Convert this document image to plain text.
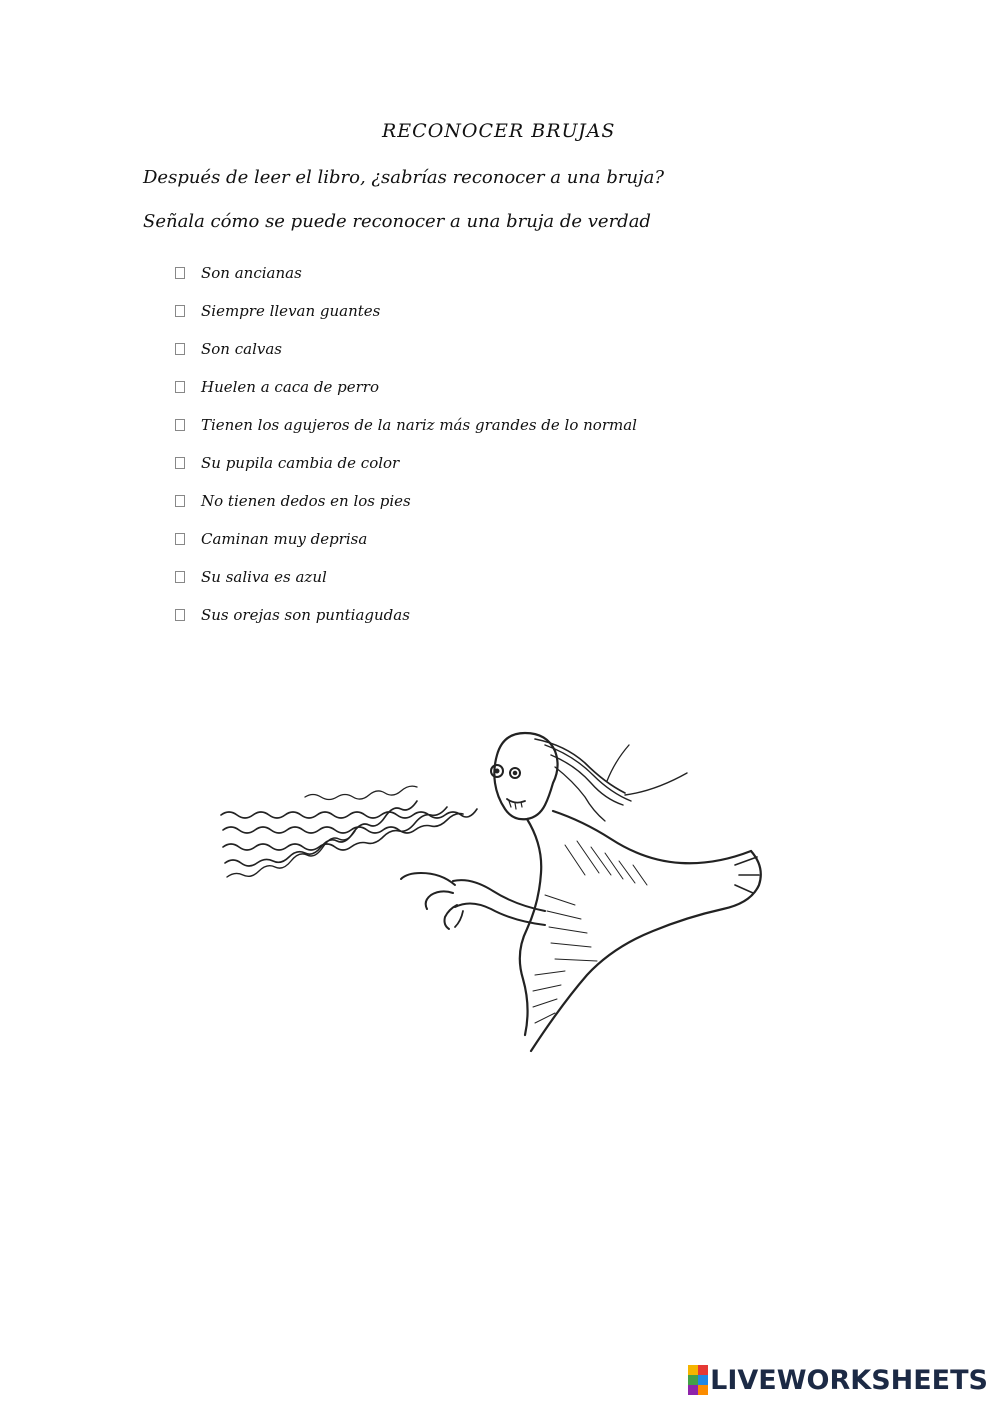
RECONOCER BRUJAS
Después de leer el libro, ¿sabrías reconocer a una bruja?
Señala cómo se puede reconocer a una bruja de verdad
Son ancianas
Siempre llevan guantes
Son calvas
Huelen a caca de perro
Tienen los agujeros de la nariz más grandes de lo normal
Su pupila cambia de color
No tienen dedos en los pies
Caminan muy deprisa
Su saliva es azul
Sus orejas son puntiagudas
LIVEWORKSHEETS
